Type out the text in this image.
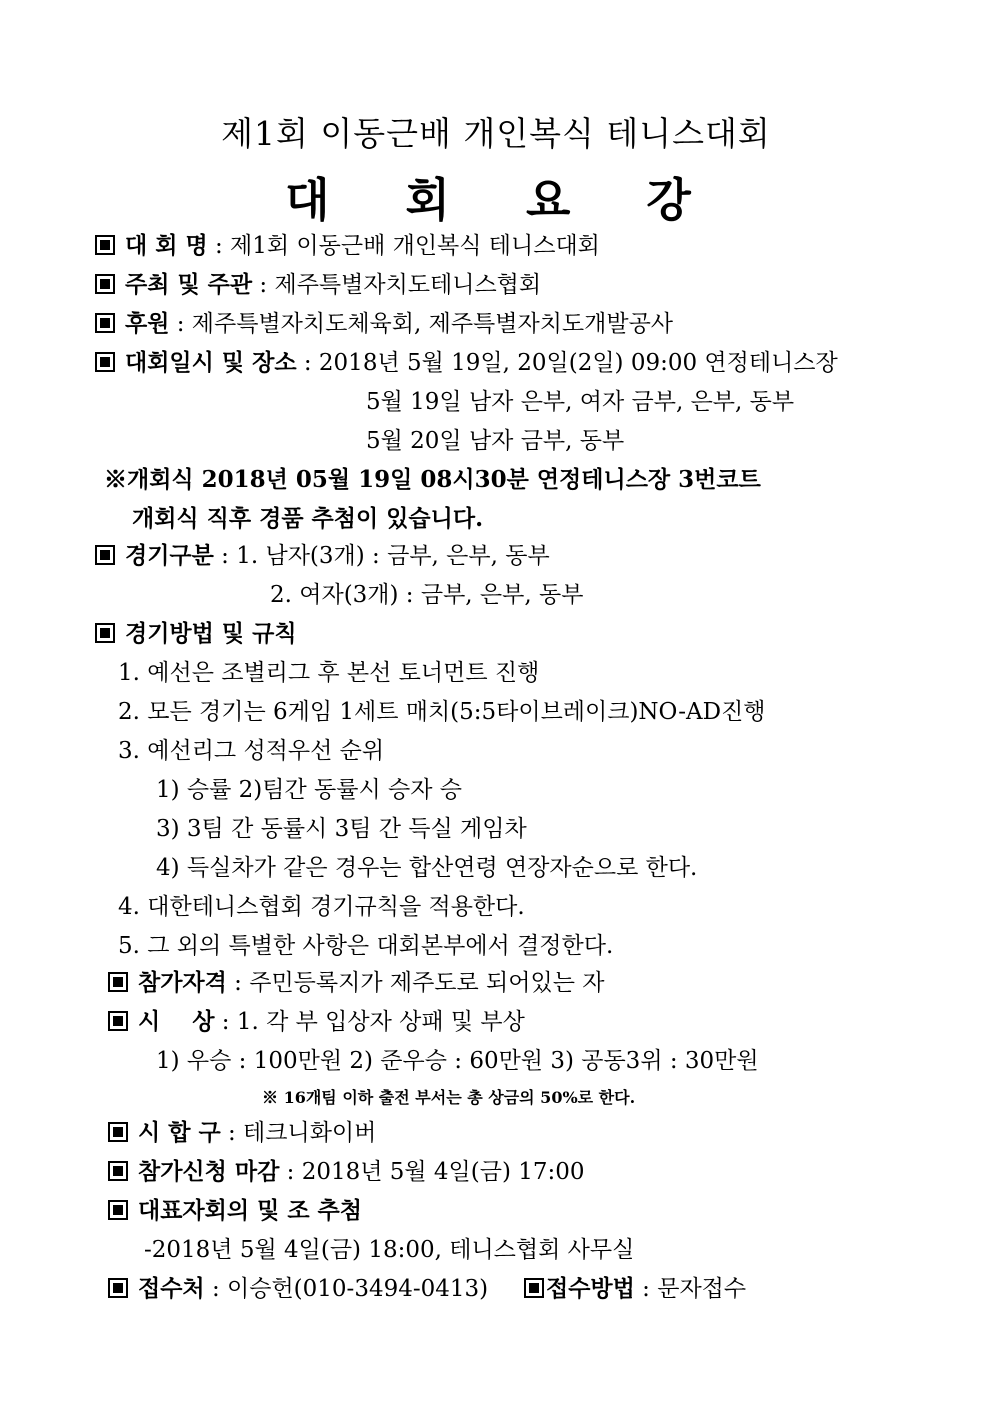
제1회 이동근배 개인복식 테니스대회
대회요강
대 회 명 : 제1회 이동근배 개인복식 테니스대회
주최 및 주관 : 제주특별자치도테니스협회
후원 : 제주특별자치도체육회, 제주특별자치도개발공사
대회일시 및 장소 : 2018년 5월 19일, 20일(2일) 09:00 연정테니스장
5월 19일 남자 은부, 여자 금부, 은부, 동부
5월 20일 남자 금부, 동부
※개회식 2018년 05월 19일 08시30분 연정테니스장 3번코트
개회식 직후 경품 추첨이 있습니다.
경기구분 : 1. 남자(3개) : 금부, 은부, 동부
2. 여자(3개) : 금부, 은부, 동부
경기방법 및 규칙
1. 예선은 조별리그 후 본선 토너먼트 진행
2. 모든 경기는 6게임 1세트 매치(5:5타이브레이크)NO-AD진행
3. 예선리그 성적우선 순위
1) 승률 2)팀간 동률시 승자 승
3) 3팀 간 동률시 3팀 간 득실 게임차
4) 득실차가 같은 경우는 합산연령 연장자순으로 한다.
4. 대한테니스협회 경기규칙을 적용한다.
5. 그 외의 특별한 사항은 대회본부에서 결정한다.
참가자격 : 주민등록지가 제주도로 되어있는 자
시    상 : 1. 각 부 입상자 상패 및 부상
1) 우승 : 100만원 2) 준우승 : 60만원 3) 공동3위 : 30만원
※ 16개팀 이하 출전 부서는 총 상금의 50%로 한다.
시 합 구 : 테크니화이버
참가신청 마감 : 2018년 5월 4일(금) 17:00
대표자회의 및 조 추첨
-2018년 5월 4일(금) 18:00, 테니스협회 사무실
접수처 : 이승헌(010-3494-0413)	접수방법 : 문자접수
